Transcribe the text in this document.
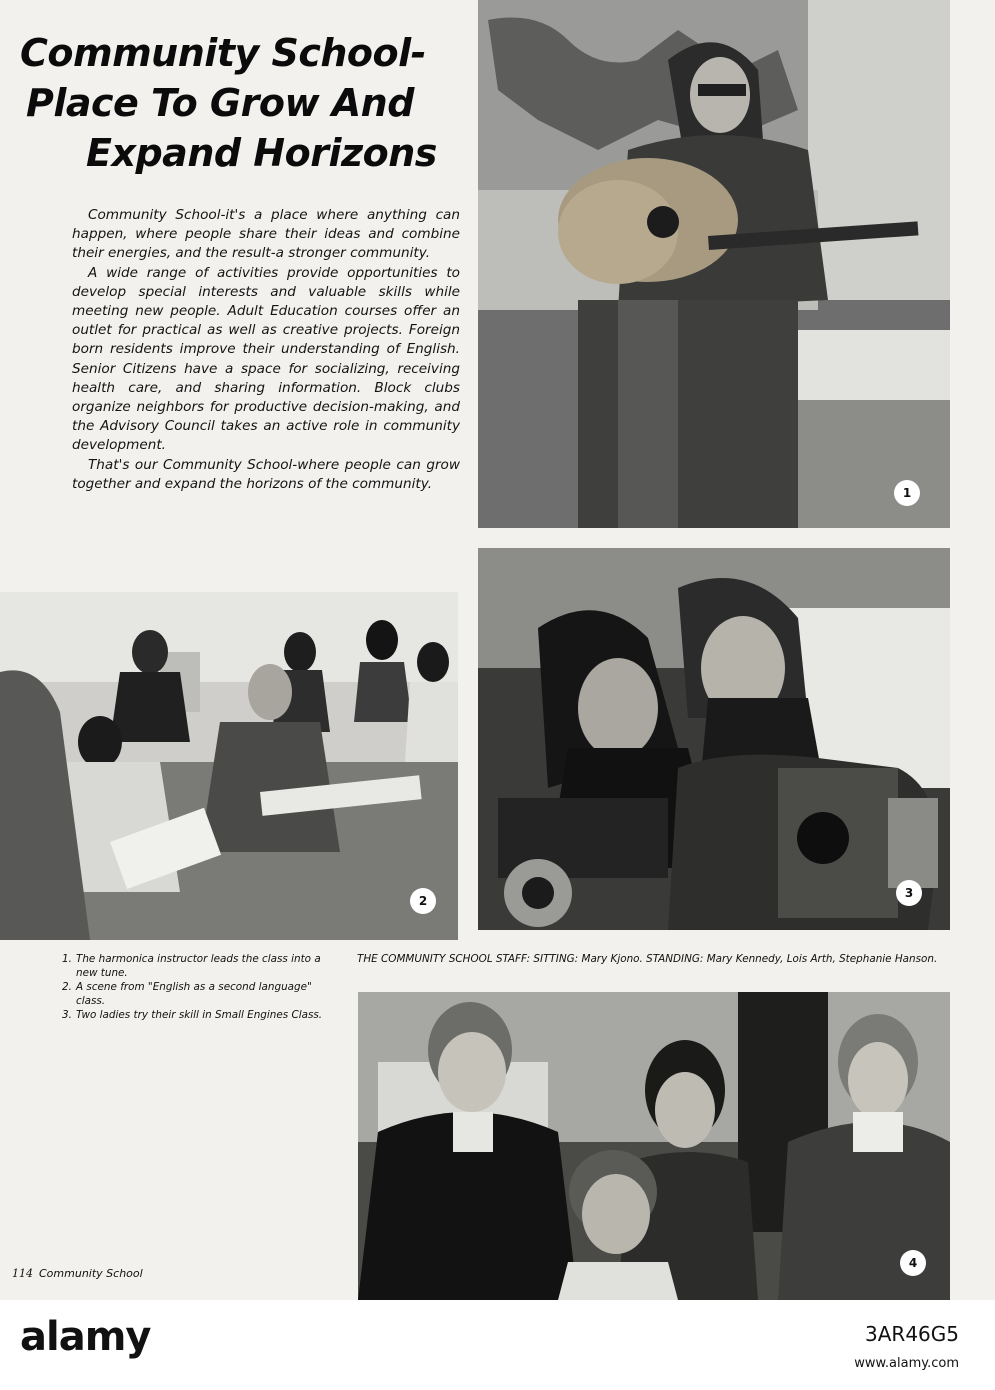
Community School-
Place To Grow And
Expand Horizons

Community School-it's a place where anything can happen, where people share their ideas and combine their energies, and the result-a stronger community.

A wide range of activities provide opportunities to develop special interests and valuable skills while meeting new people. Adult Education courses offer an outlet for practical as well as creative projects. Foreign born residents improve their understanding of English. Senior Citizens have a space for socializing, receiving health care, and sharing information. Block clubs organize neighbors for productive decision-making, and the Advisory Council takes an active role in community development.

That's our Community School-where people can grow together and expand the horizons of the community.

1
2
3
4
1. The harmonica instructor leads the class into a new tune.
2. A scene from "English as a second language" class.
3. Two ladies try their skill in Small Engines Class.
THE COMMUNITY SCHOOL STAFF: SITTING: Mary Kjono. STANDING: Mary Kennedy, Lois Arth, Stephanie Hanson.
114 Community School
alamy	3AR46G5
www.alamy.com
